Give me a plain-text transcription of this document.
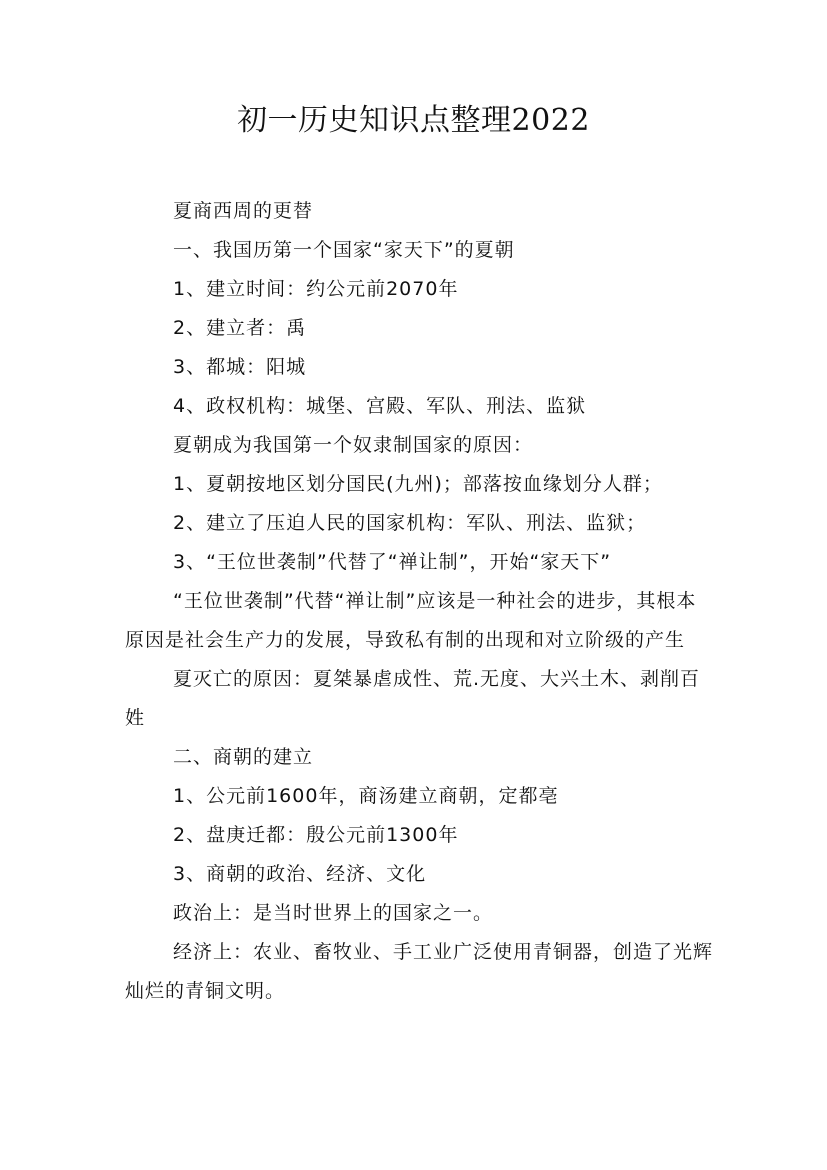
初一历史知识点整理2022

夏商西周的更替

一、我国历第一个国家“家天下”的夏朝

1、建立时间：约公元前2070年

2、建立者：禹

3、都城：阳城

4、政权机构：城堡、宫殿、军队、刑法、监狱

夏朝成为我国第一个奴隶制国家的原因：

1、夏朝按地区划分国民(九州)；部落按血缘划分人群；

2、建立了压迫人民的国家机构：军队、刑法、监狱；

3、“王位世袭制”代替了“禅让制”，开始“家天下”

“王位世袭制”代替“禅让制”应该是一种社会的进步，其根本原因是社会生产力的发展，导致私有制的出现和对立阶级的产生

夏灭亡的原因：夏桀暴虐成性、荒.无度、大兴土木、剥削百姓

二、商朝的建立

1、公元前1600年，商汤建立商朝，定都亳

2、盘庚迁都：殷公元前1300年

3、商朝的政治、经济、文化

政治上：是当时世界上的国家之一。

经济上：农业、畜牧业、手工业广泛使用青铜器，创造了光辉灿烂的青铜文明。
